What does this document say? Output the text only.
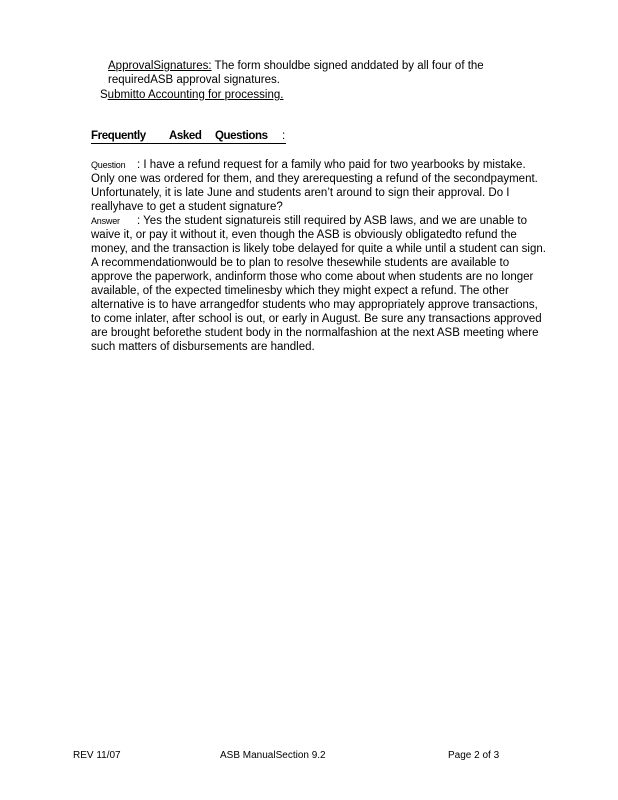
ApprovalSignatures: The form shouldbe signed anddated by all four of the
requiredASB approval signatures.
Submitto Accounting for processing.
Frequently Asked Questions	:

Question : I have a refund request for a family who paid for two yearbooks by mistake. Only one was ordered for them, and they arerequesting a refund of the secondpayment. Unfortunately, it is late June and students aren’t around to sign their approval. Do I reallyhave to get a student signature?

Answer : Yes the student signatureis still required by ASB laws, and we are unable to waive it, or pay it without it, even though the ASB is obviously obligatedto refund the money, and the transaction is likely tobe delayed for quite a while until a student can sign. A recommendationwould be to plan to resolve thesewhile students are available to approve the paperwork, andinform those who come about when students are no longer available, of the expected timelinesby which they might expect a refund. The other alternative is to have arrangedfor students who may appropriately approve transactions, to come inlater, after school is out, or early in August. Be sure any transactions approved are brought beforethe student body in the normalfashion at the next ASB meeting where such matters of disbursements are handled.

REV 11/07	ASB ManualSection 9.2	Page 2 of 3
